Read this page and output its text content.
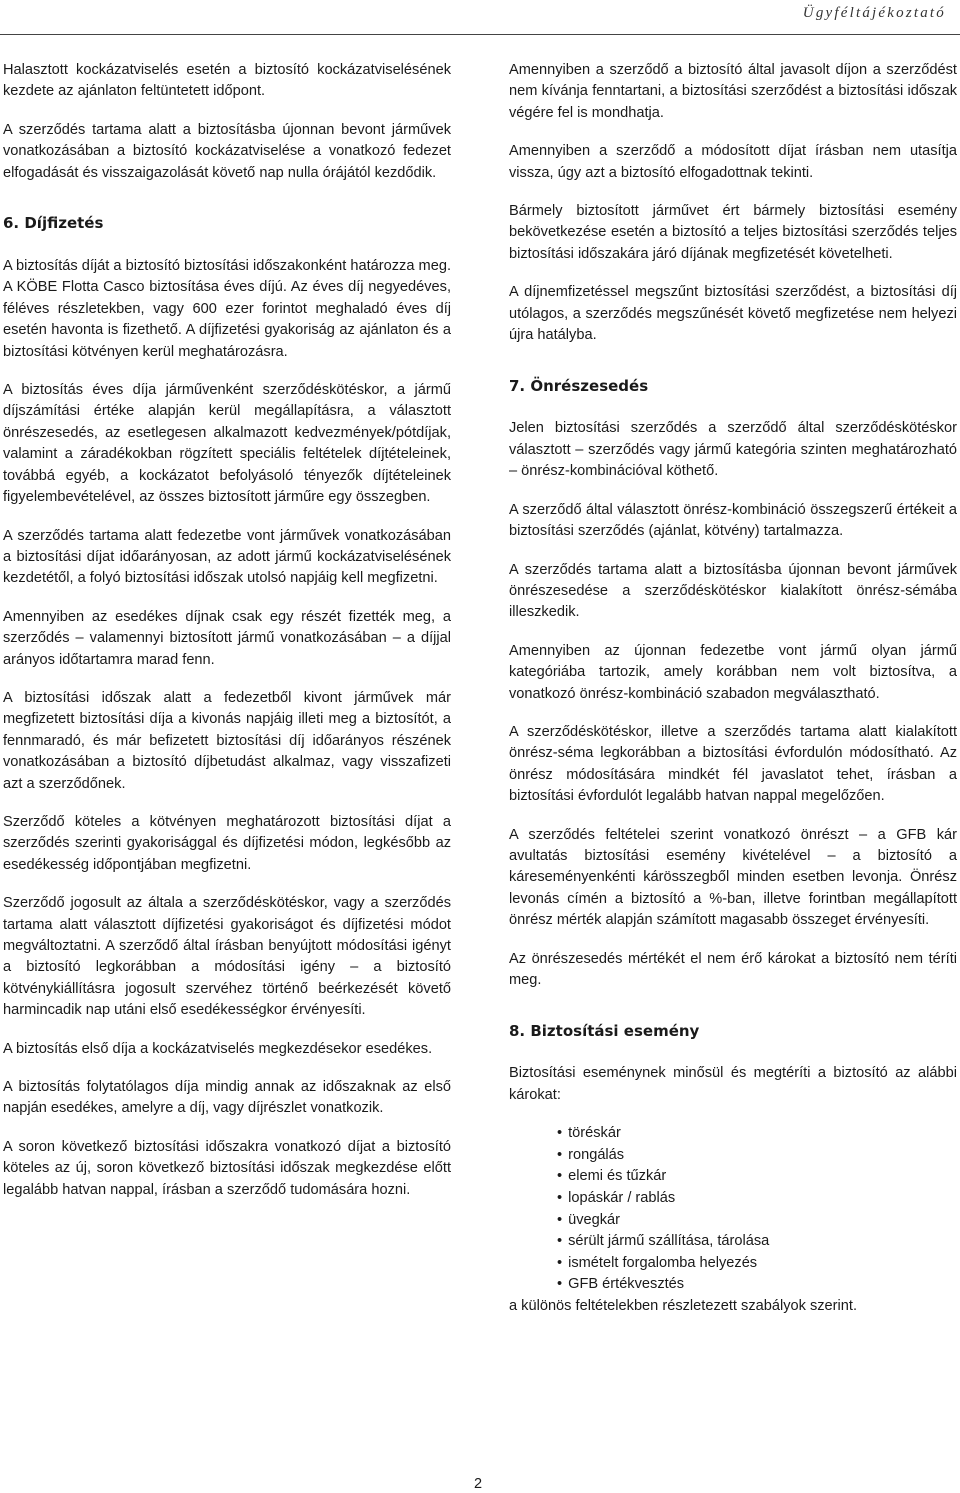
Ügyféltájékoztató

Halasztott kockázatviselés esetén a biztosító kockázatviselésének kezdete az ajánlaton feltüntetett időpont.

A szerződés tartama alatt a biztosításba újonnan bevont járművek vonatkozásában a biztosító kockázatviselése a vonatkozó fedezet elfogadását és visszaigazolását követő nap nulla órájától kezdődik.

6. Díjfizetés

A biztosítás díját a biztosító biztosítási időszakonként határozza meg. A KÖBE Flotta Casco biztosítása éves díjú. Az éves díj negyedéves, féléves részletekben, vagy 600 ezer forintot meghaladó éves díj esetén havonta is fizethető. A díjfizetési gyakoriság az ajánlaton és a biztosítási kötvényen kerül meghatározásra.

A biztosítás éves díja járművenként szerződéskötéskor, a jármű díjszámítási értéke alapján kerül megállapításra, a választott önrészesedés, az esetlegesen alkalmazott kedvezmények/pótdíjak, valamint a záradékokban rögzített speciális feltételek díjtételeinek, továbbá egyéb, a kockázatot befolyásoló tényezők díjtételeinek figyelembevételével, az összes biztosított járműre egy összegben.

A szerződés tartama alatt fedezetbe vont járművek vonatkozásában a biztosítási díjat időarányosan, az adott jármű kockázatviselésének kezdetétől, a folyó biztosítási időszak utolsó napjáig kell megfizetni.

Amennyiben az esedékes díjnak csak egy részét fizették meg, a szerződés – valamennyi biztosított jármű vonatkozásában – a díjjal arányos időtartamra marad fenn.

A biztosítási időszak alatt a fedezetből kivont járművek már megfizetett biztosítási díja a kivonás napjáig illeti meg a biztosítót, a fennmaradó, és már befizetett biztosítási díj időarányos részének vonatkozásában a biztosító díjbetudást alkalmaz, vagy visszafizeti azt a szerződőnek.

Szerződő köteles a kötvényen meghatározott biztosítási díjat a szerződés szerinti gyakorisággal és díjfizetési módon, legkésőbb az esedékesség időpontjában megfizetni.

Szerződő jogosult az általa a szerződéskötéskor, vagy a szerződés tartama alatt választott díjfizetési gyakoriságot és díjfizetési módot megváltoztatni. A szerződő által írásban benyújtott módosítási igényt a biztosító legkorábban a módosítási igény – a biztosító kötvénykiállításra jogosult szervéhez történő beérkezését követő harmincadik nap utáni első esedékességkor érvényesíti.

A biztosítás első díja a kockázatviselés megkezdésekor esedékes.

A biztosítás folytatólagos díja mindig annak az időszaknak az első napján esedékes, amelyre a díj, vagy díjrészlet vonatkozik.

A soron következő biztosítási időszakra vonatkozó díjat a biztosító köteles az új, soron következő biztosítási időszak megkezdése előtt legalább hatvan nappal, írásban a szerződő tudomására hozni.

Amennyiben a szerződő a biztosító által javasolt díjon a szerződést nem kívánja fenntartani, a biztosítási szerződést a biztosítási időszak végére fel is mondhatja.

Amennyiben a szerződő a módosított díjat írásban nem utasítja vissza, úgy azt a biztosító elfogadottnak tekinti.

Bármely biztosított járművet ért bármely biztosítási esemény bekövetkezése esetén a biztosító a teljes biztosítási szerződés teljes biztosítási időszakára járó díjának megfizetését követelheti.

A díjnemfizetéssel megszűnt biztosítási szerződést, a biztosítási díj utólagos, a szerződés megszűnését követő megfizetése nem helyezi újra hatályba.

7. Önrészesedés

Jelen biztosítási szerződés a szerződő által szerződéskötéskor választott – szerződés vagy jármű kategória szinten meghatározható – önrész-kombinációval köthető.

A szerződő által választott önrész-kombináció összegszerű értékeit a biztosítási szerződés (ajánlat, kötvény) tartalmazza.

A szerződés tartama alatt a biztosításba újonnan bevont járművek önrészesedése a szerződéskötéskor kialakított önrész-sémába illeszkedik.

Amennyiben az újonnan fedezetbe vont jármű olyan jármű kategóriába tartozik, amely korábban nem volt biztosítva, a vonatkozó önrész-kombináció szabadon megválasztható.

A szerződéskötéskor, illetve a szerződés tartama alatt kialakított önrész-séma legkorábban a biztosítási évfordulón módosítható. Az önrész módosítására mindkét fél javaslatot tehet, írásban a biztosítási évfordulót legalább hatvan nappal megelőzően.

A szerződés feltételei szerint vonatkozó önrészt – a GFB kár avultatás biztosítási esemény kivételével – a biztosító a káreseményenkénti kárösszegből minden esetben levonja. Önrész levonás címén a biztosító a %-ban, illetve forintban megállapított önrész mérték alapján számított magasabb összeget érvényesíti.

Az önrészesedés mértékét el nem érő károkat a biztosító nem téríti meg.

8. Biztosítási esemény

Biztosítási eseménynek minősül és megtéríti a biztosító az alábbi károkat:

• töréskár
• rongálás
• elemi és tűzkár
• lopáskár / rablás
• üvegkár
• sérült jármű szállítása, tárolása
• ismételt forgalomba helyezés
• GFB értékvesztés

a különös feltételekben részletezett szabályok szerint.

2
